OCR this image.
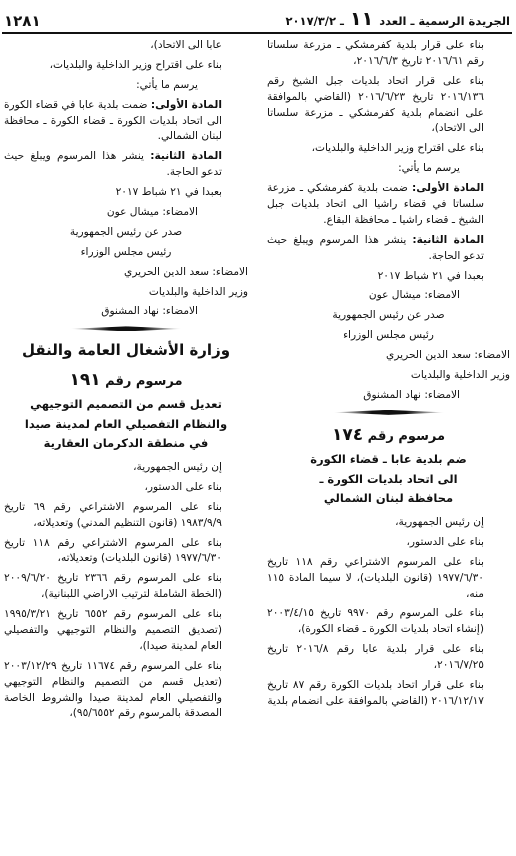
الجريدة الرسمية ـ العدد ١١ ـ ٢٠١٧/٣/٢
١٢٨١

بناء على قرار بلدية كفرمشكي ـ مزرعة سلساتا رقم ٢٠١٦/٦١ تاريخ ٢٠١٦/٦/٣،

بناء على قرار اتحاد بلديات جبل الشيخ رقم ٢٠١٦/١٣٦ تاريخ ٢٠١٦/٦/٢٣ (القاضي بالموافقة على انضمام بلدية كفرمشكي ـ مزرعة سلساتا الى الاتحاد)،

بناء على اقتراح وزير الداخلية والبلديات،

يرسم ما يأتي:

المادة الأولى: ضمت بلدية كفرمشكي ـ مزرعة سلساتا في قضاء راشيا الى اتحاد بلديات جبل الشيخ ـ قضاء راشيا ـ محافظة البقاع.

المادة الثانية: ينشر هذا المرسوم ويبلغ حيث تدعو الحاجة.

بعبدا في ٢١ شباط ٢٠١٧

الامضاء: ميشال عون

صدر عن رئيس الجمهورية

رئيس مجلس الوزراء

الامضاء: سعد الدين الحريري

وزير الداخلية والبلديات

الامضاء: نهاد المشنوق

مرسوم رقم ١٧٤
ضم بلدية عابا ـ قضاء الكورة
الى اتحاد بلديات الكورة ـ
محافظة لبنان الشمالي

إن رئيس الجمهورية،

بناء على الدستور،

بناء على المرسوم الاشتراعي رقم ١١٨ تاريخ ١٩٧٧/٦/٣٠ (قانون البلديات)، لا سيما المادة ١١٥ منه،

بناء على المرسوم رقم ٩٩٧٠ تاريخ ٢٠٠٣/٤/١٥ (إنشاء اتحاد بلديات الكورة ـ قضاء الكورة)،

بناء على قرار بلدية عابا رقم ٢٠١٦/٨ تاريخ ٢٠١٦/٧/٢٥،

بناء على قرار اتحاد بلديات الكورة رقم ٨٧ تاريخ ٢٠١٦/١٢/١٧ (القاضي بالموافقة على انضمام بلدية

عابا الى الاتحاد)،

بناء على اقتراح وزير الداخلية والبلديات،

يرسم ما يأتي:

المادة الأولى: ضمت بلدية عابا في قضاء الكورة الى اتحاد بلديات الكورة ـ قضاء الكورة ـ محافظة لبنان الشمالي.

المادة الثانية: ينشر هذا المرسوم ويبلغ حيث تدعو الحاجة.

بعبدا في ٢١ شباط ٢٠١٧

الامضاء: ميشال عون

صدر عن رئيس الجمهورية

رئيس مجلس الوزراء

الامضاء: سعد الدين الحريري

وزير الداخلية والبلديات

الامضاء: نهاد المشنوق

وزارة الأشغال العامة والنقل
مرسوم رقم ١٩١
تعديل قسم من التصميم التوجيهي
والنظام التفصيلي العام لمدينة صيدا
في منطقة الدكرمان العقارية

إن رئيس الجمهورية،

بناء على الدستور،

بناء على المرسوم الاشتراعي رقم ٦٩ تاريخ ١٩٨٣/٩/٩ (قانون التنظيم المدني) وتعديلاته،

بناء على المرسوم الاشتراعي رقم ١١٨ تاريخ ١٩٧٧/٦/٣٠ (قانون البلديات) وتعديلاته،

بناء على المرسوم رقم ٢٣٦٦ تاريخ ٢٠٠٩/٦/٢٠ (الخطة الشاملة لترتيب الاراضي اللبنانية)،

بناء على المرسوم رقم ٦٥٥٢ تاريخ ١٩٩٥/٣/٢١ (تصديق التصميم والنظام التوجيهي والتفصيلي العام لمدينة صيدا)،

بناء على المرسوم رقم ١١٦٧٤ تاريخ ٢٠٠٣/١٢/٢٩ (تعديل قسم من التصميم والنظام التوجيهي والتفصيلي العام لمدينة صيدا والشروط الخاصة المصدقة بالمرسوم رقم ٩٥/٦٥٥٢)،
